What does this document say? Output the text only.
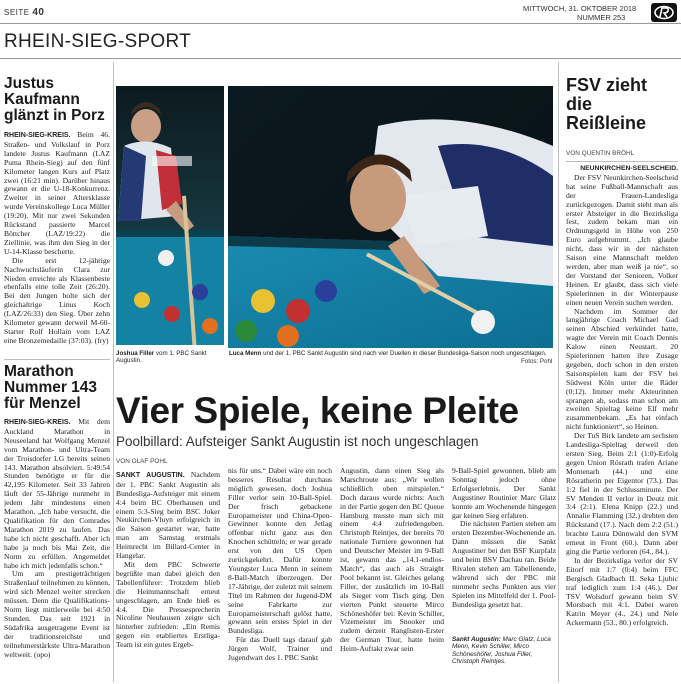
SEITE 40	MITTWOCH, 31. OKTOBER 2018
NUMMER 253
RHEIN-SIEG-SPORT
Justus
Kaufmann
glänzt in Porz

RHEIN-SIEG-KREIS. Beim 46. Straßen- und Volkslauf in Porz landete Justus Kaufmann (LAZ Puma Rhein-Sieg) auf den fünf Kilometer langen Kurs auf Platz zwei (16:21 min). Darüber hinaus gewann er die U-18-Konkurrenz. Zweiter in seiner Altersklasse wurde Vereinskollege Luca Müller (19:20). Mit nur zwei Sekunden Rückstand passierte Marcel Böttcher (LAZ/19:22) die Ziellinie, was ihm den Sieg in der U-14-Klasse bescherte.

Die erst 12-jährige Nachwuchsläuferin Clara zur Nieden erreichte als Klassenbeste ebenfalls eine tolle Zeit (26:20). Bei den Jungen holte sich der gleichaltrige Linus Koch (LAZ/26:33) den Sieg. Über zehn Kilometer gewann derweil M-60-Starter Rolf Hollain vom LAZ eine Bronzemedaille (37:03). (fry)

Marathon
Nummer 143
für Menzel

RHEIN-SIEG-KREIS. Mit dem Auckland Marathon in Neuseeland hat Wolfgang Menzel vom Marathon- und Ultra-Team der Troisdorfer LG bereits seinen 143. Marathon absolviert. 5:49:54 Stunden benötigte er für die 42,195 Kilometer. Seit 33 Jahren läuft der 55-Jährige nunmehr in jedem Jahr mindestens einen Marathon. „Ich habe versucht, die Qualifikation für den Comrades Marathon 2019 zu laufen. Das habe ich nicht geschafft. Aber ich habe ja noch bis Mai Zeit, die Norm zu erfüllen. Angemeldet habe ich mich jedenfalls schon.“

Um am prestigeträchtigen Straßenlauf teilnehmen zu können, wird sich Menzel weiter strecken müssen. Denn die Qualifikations-Norm liegt mittlerweile bei 4:50 Stunden. Das seit 1921 in Südafrika ausgetragene Event ist der traditionsreichste und teilnehmerstärkste Ultra-Marathon weltweit. (opo)

Joshua Filler vom 1. PBC Sankt Augustin.
Luca Menn und der 1. PBC Sankt Augustin sind nach vier Duellen in dieser Bundesliga-Saison noch ungeschlagen.
Fotos: Pohl
Vier Spiele, keine Pleite
Poolbillard: Aufsteiger Sankt Augustin ist noch ungeschlagen
VON OLAF POHL

SANKT AUGUSTIN. Nachdem der 1. PBC Sankt Augustin als Bundesliga-Aufsteiger mit einem 4:4 beim BC Oberhausen und einem 5:3-Sieg beim BSC Joker Neukirchen-Vluyn erfolgreich in die Saison gestartet war, hatte man am Samstag erstmals Heimrecht im Billard-Center in Hangelar.

Mit dem PBC Schwerte begrüßte man dabei gleich den Tabellenführer: Trotzdem blieb die Heimmannschaft erneut ungeschlagen, am Ende hieß es 4:4. Die Pressesprecherin Nicoline Neuhausen zeigte sich hinterher zufrieden: „Ein Remis gegen ein etabliertes Erstliga-Team ist ein gutes Ergeb-

nis für uns.“ Dabei wäre ein noch besseres Resultat durchaus möglich gewesen, doch Joshua Filler verlor sein 10-Ball-Spiel. Der frisch gebackene Europameister und China-Open-Gewinner konnte den Jetlag offenbar nicht ganz aus den Knochen schütteln; er war gerade erst von den US Open zurückgekehrt. Dafür konnte Youngster Luca Menn in seinem 8-Ball-Match überzeugen. Der 17-Jährige, der zuletzt mit seinem Titel im Rahmen der Jugend-DM seine Fahrkarte zur Europameisterschaft gelöst hatte, gewann sein erstes Spiel in der Bundesliga.

Für das Duell tags darauf gab Jürgen Wolf, Trainer und Jugendwart des 1. PBC Sankt

Augustin, dann einen Sieg als Marschroute aus: „Wir wollen schließlich oben mitspielen.“ Doch daraus wurde nichts: Auch in der Partie gegen den BC Queue Hamburg musste man sich mit einem 4:4 zufriedengeben. Christoph Reintjes, der bereits 70 nationale Turniere gewonnen hat und Deutscher Meister im 9-Ball ist, gewann das „14.1-endlos-Match“, das auch als Straight Pool bekannt ist. Gleiches gelang Filler, der zusätzlich im 10-Ball als Sieger vom Tisch ging. Den vierten Punkt steuerte Mirco Schöneshöfer bei: Kevin Schiller, Vizemeister im Snooker und zudem derzeit Ranglisten-Erster der German Tour, hatte beim Heim-Auftakt zwar sein

9-Ball-Spiel gewonnen, blieb am Sonntag jedoch ohne Erfolgserlebnis. Der Sankt Augustiner Routinier Marc Glatz konnte am Wochenende hingegen gar keinen Sieg erfahren.

Die nächsten Partien stehen am ersten Dezember-Wochenende an. Dann müssen die Sankt Augustiner bei den BSF Kurpfalz und beim BSV Dachau ran. Beide Rivalen stehen am Tabellenende, während sich der PBC mit nunmehr sechs Punkten aus vier Spielen ins Mittelfeld der 1. Pool-Bundesliga gesetzt hat.

Sankt Augustin: Marc Glatz, Luca Menn, Kevin Schiller, Mirco Schöneshöfer, Joshua Filler, Christoph Reintjes.
FSV zieht
die
Reißleine
VON QUENTIN BRÖHL
NEUNKIRCHEN-SEELSCHEID.

Der FSV Neunkirchen-Seelscheid hat seine Fußball-Mannschaft aus der Frauen-Landesliga zurückgezogen. Damit steht man als erster Absteiger in die Bezirksliga fest, zudem bekam man ein Ordnungsgeld in Höhe von 250 Euro aufgebrummt. „Ich glaube nicht, dass wir in der nächsten Saison eine Mannschaft melden werden, aber man weiß ja nie“, so der Vorstand der Senioren, Volker Heinen. Er glaubt, dass sich viele Spielerinnen in der Winterpause einen neuen Verein suchen werden.

Nachdem im Sommer der langjährige Coach Michael Gad seinen Abschied verkündet hatte, wagte der Verein mit Coach Dennis Kalow einen Neustart. 20 Spielerinnen hatten ihre Zusage gegeben, doch schon in den ersten Saisonspielen kam der FSV bei Südwest Köln unter die Räder (0:12). Immer mehr Akteurinnen sprangen ab, sodass man schon am zweiten Spieltag keine Elf mehr zusammenbekam. „Es hat einfach nicht funktioniert“, so Heinen.

Der TuS Birk landete am sechsten Landesliga-Spieltag derweil den ersten Sieg. Beim 2:1 (1:0)-Erfolg gegen Union Rösrath trafen Ariane Montenarh (44.) und eine Rösratherin per Eigentor (73.). Das 1:2 fiel in der Schlussminute. Der SV Menden II verlor in Deutz mit 3:4 (2:1). Elena Knipp (22.) und Annalie Flamming (32.) drehten den Rückstand (17.). Nach dem 2:2 (51.) brachte Laura Dünnwald den SVM erneut in Front (60.). Dann aber ging die Partie verloren (64., 84.).

In der Bezirksliga verlor der SV Eitorf mit 1:7 (0:4) beim FFC Bergisch Gladbach II. Seka Ljubic traf lediglich zum 1:4 (46.). Der TSV Wolsdorf gewann beim SV Morsbach mit 4:1. Dabei waren Katrin Meyer (4., 24.) und Nele Ackermann (53., 80.) erfolgreich.
